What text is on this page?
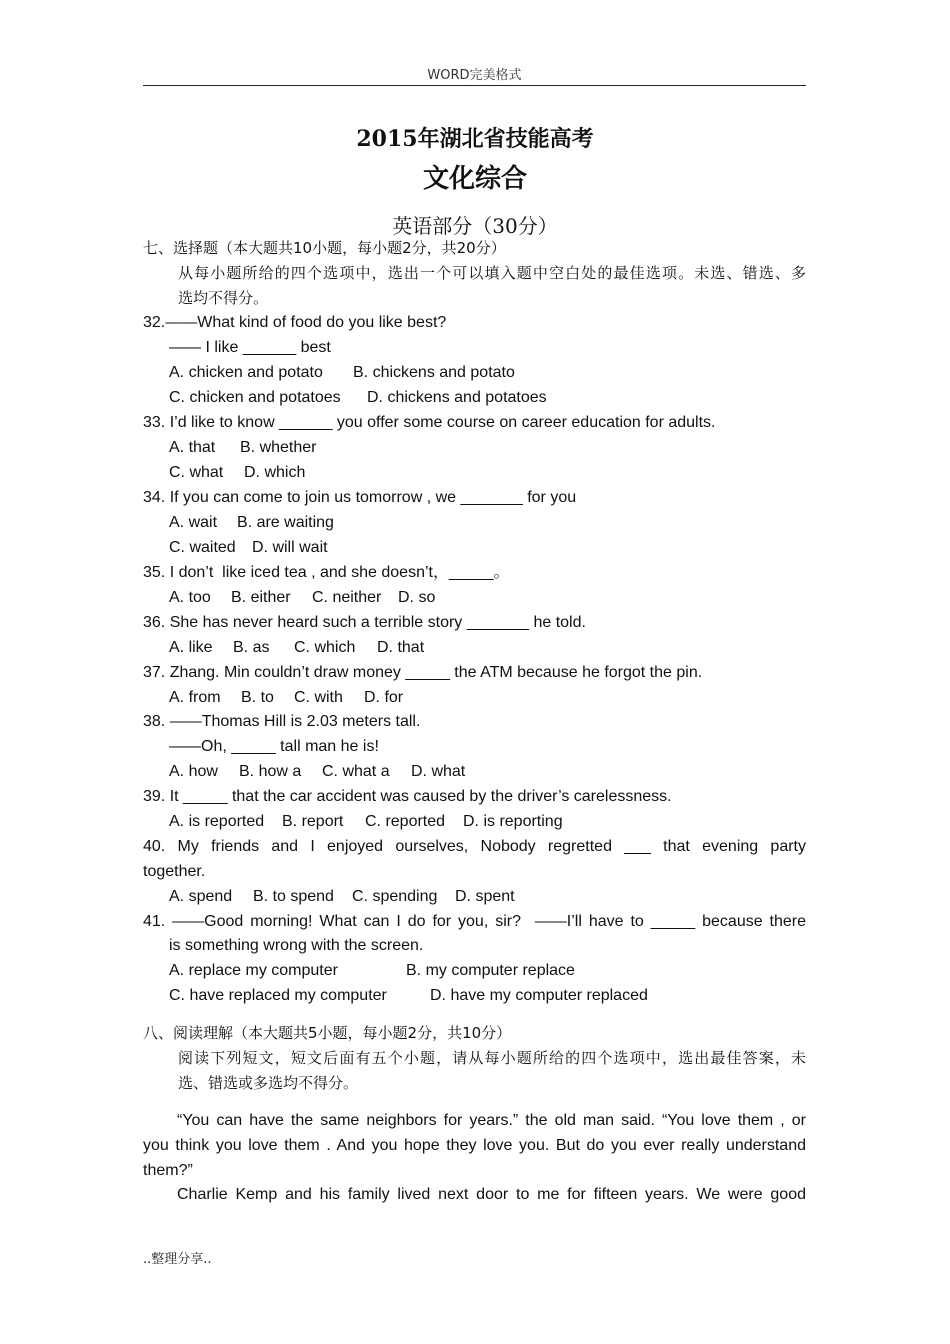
WORD完美格式
2015年湖北省技能高考
文化综合
英语部分（30分）
七、选择题（本大题共10小题，每小题2分，共20分）
从每小题所给的四个选项中，选出一个可以填入题中空白处的最佳选项。未选、错选、多
选均不得分。
32.——What kind of food do you like best?
—— I like ______ best
A. chicken and potato B. chickens and potato
C. chicken and potatoes D. chickens and potatoes
33. I’d like to know ______ you offer some course on career education for adults.
A. that B. whether
C. what D. which
34. If you can come to join us tomorrow , we _______ for you
A. wait B. are waiting
C. waited D. will wait
35. I don’t  like iced tea , and she doesn’t，_____。
A. too B. either C. neither D. so
36. She has never heard such a terrible story _______ he told.
A. like B. as C. which D. that
37. Zhang. Min couldn’t draw money _____ the ATM because he forgot the pin.
A. from B. to C. with D. for
38. ——Thomas Hill is 2.03 meters tall.
——Oh, _____ tall man he is!
A. how B. how a C. what a D. what
39. It _____ that the car accident was caused by the driver’s carelessness.
A. is reported B. report C. reported D. is reporting
40. My friends and I enjoyed ourselves, Nobody regretted ___ that evening party
together.
A. spend B. to spend C. spending D. spent
41. ——Good morning! What can I do for you, sir?  ——I’ll have to _____ because there
is something wrong with the screen.
A. replace my computer	B. my computer replace
C. have replaced my computer	D. have my computer replaced
八、阅读理解（本大题共5小题，每小题2分，共10分）
阅读下列短文，短文后面有五个小题，请从每小题所给的四个选项中，选出最佳答案，未
选、错选或多选均不得分。
“You can have the same neighbors for years.” the old man said. “You love them , or
you think you love them . And you hope they love you. But do you ever really understand
them?”
Charlie Kemp and his family lived next door to me for fifteen years. We were good
..整理分享..
